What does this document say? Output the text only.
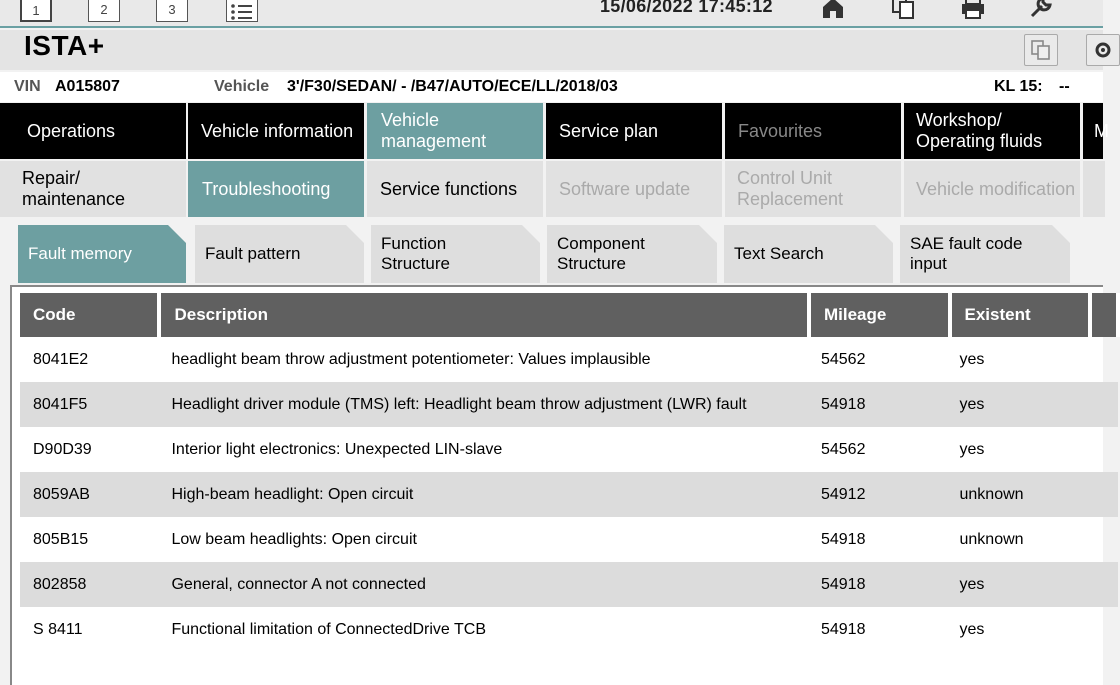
1	2	3	15/06/2022 17:45:12
ISTA+
VIN A015807	Vehicle 3'/F30/SEDAN/ - /B47/AUTO/ECE/LL/2018/03	KL 15: --
Operations	Vehicle information
Vehicle management
Service plan	Favourites
Workshop/ Operating fluids
M
Repair/ maintenance
Troubleshooting	Service functions	Software update
Control Unit Replacement
Vehicle modification
Fault memory	Fault pattern
Function Structure
Component Structure
Text Search
SAE fault code input
Code	Description	Mileage	Existent	
8041E2	headlight beam throw adjustment potentiometer: Values implausible	54562	yes	
8041F5	Headlight driver module (TMS) left: Headlight beam throw adjustment (LWR) fault	54918	yes	
D90D39	Interior light electronics: Unexpected LIN-slave	54562	yes	
8059AB	High-beam headlight: Open circuit	54912	unknown	
805B15	Low beam headlights: Open circuit	54918	unknown	
802858	General, connector A not connected	54918	yes	
S 8411	Functional limitation of ConnectedDrive TCB	54918	yes	
